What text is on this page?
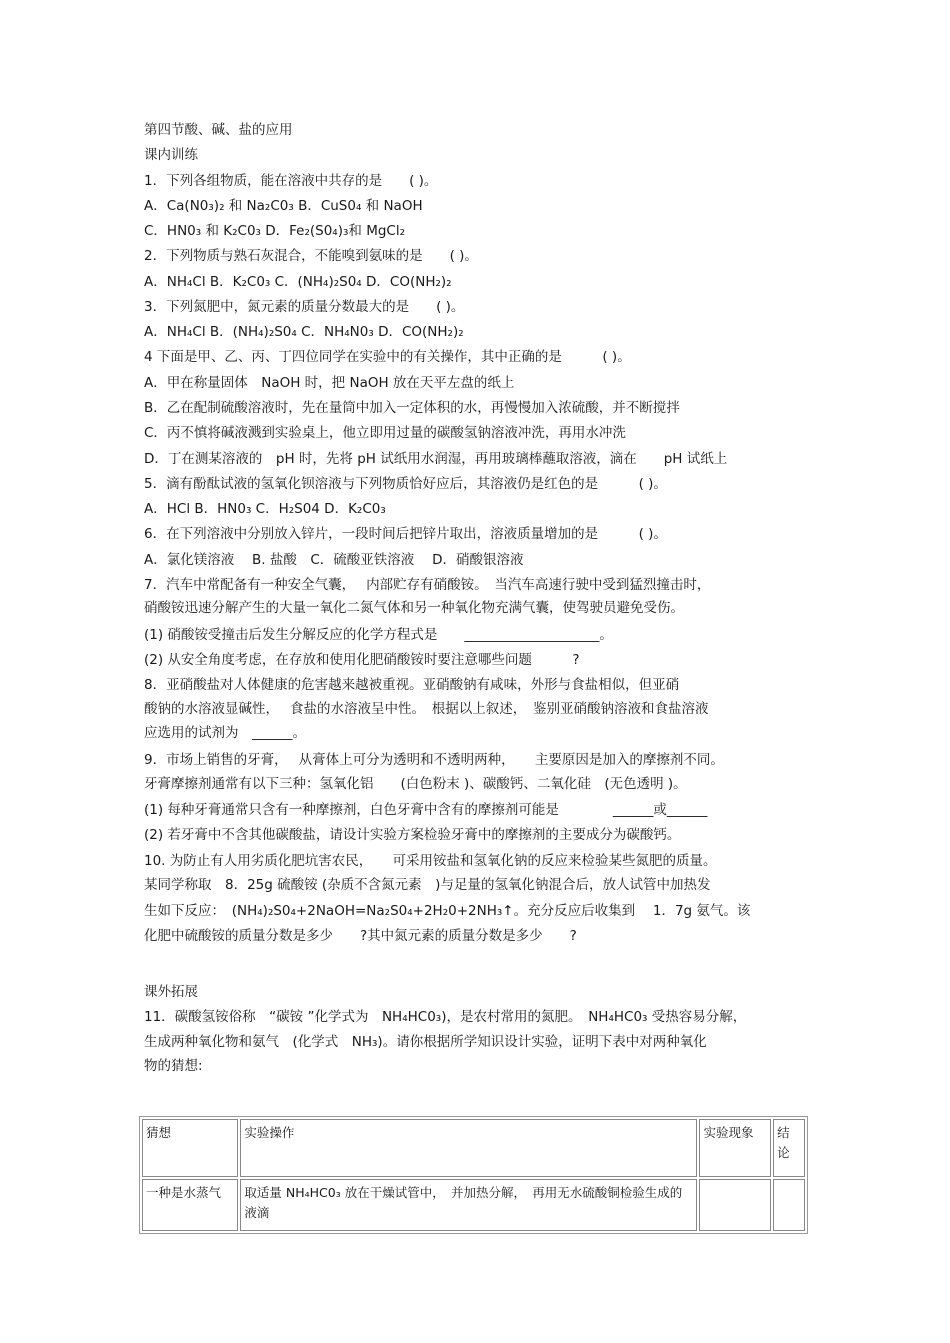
第四节酸、碱、盐的应用
课内训练
1．下列各组物质，能在溶液中共存的是　　( )。
A．Ca(N0₃)₂ 和 Na₂C0₃ B．CuS0₄ 和 NaOH
C．HN0₃ 和 K₂C0₃ D．Fe₂(S0₄)₃和 MgCl₂
2．下列物质与熟石灰混合，不能嗅到氨味的是　　( )。
A．NH₄Cl B．K₂C0₃ C．(NH₄)₂S0₄ D．CO(NH₂)₂
3．下列氮肥中，氮元素的质量分数最大的是　　( )。
A．NH₄Cl B．(NH₄)₂S0₄ C．NH₄N0₃ D．CO(NH₂)₂
4 下面是甲、乙、丙、丁四位同学在实验中的有关操作，其中正确的是　　　( )。
A．甲在称量固体　NaOH 时，把 NaOH 放在天平左盘的纸上
B．乙在配制硫酸溶液时，先在量筒中加入一定体积的水，再慢慢加入浓硫酸，并不断搅拌
C．丙不慎将碱液溅到实验桌上，他立即用过量的碳酸氢钠溶液冲洗，再用水冲洗
D．丁在测某溶液的　pH 时，先将 pH 试纸用水润湿，再用玻璃棒蘸取溶液，滴在　　pH 试纸上
5．滴有酚酞试液的氢氧化钡溶液与下列物质恰好应后，其溶液仍是红色的是　　　( )。
A．HCl B．HN0₃ C．H₂S04 D．K₂C0₃
6．在下列溶液中分别放入锌片，一段时间后把锌片取出，溶液质量增加的是　　　( )。
A．氯化镁溶液　 B. 盐酸　C．硫酸亚铁溶液　 D．硝酸银溶液
7．汽车中常配备有一种安全气囊，　 内部贮存有硝酸铵。　当汽车高速行驶中受到猛烈撞击时，
硝酸铵迅速分解产生的大量一氧化二氮气体和另一种氧化物充满气囊，使驾驶员避免受伤。
(1) 硝酸铵受撞击后发生分解反应的化学方程式是　　____________________。
(2) 从安全角度考虑，在存放和使用化肥硝酸铵时要注意哪些问题　　　?
8．亚硝酸盐对人体健康的危害越来越被重视。亚硝酸钠有咸味，外形与食盐相似，但亚硝
酸钠的水溶液显碱性，　 食盐的水溶液呈中性。　根据以上叙述，　鉴别亚硝酸钠溶液和食盐溶液
应选用的试剂为　______。
9．市场上销售的牙膏，　 从膏体上可分为透明和不透明两种，　　主要原因是加入的摩擦剂不同。
牙膏摩擦剂通常有以下三种：氢氧化铝　　(白色粉末 )、碳酸钙、二氧化硅　(无色透明 )。
(1) 每种牙膏通常只含有一种摩擦剂，白色牙膏中含有的摩擦剂可能是　　　　______或______
(2) 若牙膏中不含其他碳酸盐，请设计实验方案检验牙膏中的摩擦剂的主要成分为碳酸钙。
10. 为防止有人用劣质化肥坑害农民，　　可采用铵盐和氢氧化钠的反应来检验某些氮肥的质量。
某同学称取　8．25g 硫酸铵 (杂质不含氮元素　)与足量的氢氧化钠混合后，放人试管中加热发
生如下反应：　(NH₄)₂S0₄+2NaOH=Na₂S0₄+2H₂0+2NH₃↑。充分反应后收集到　 1．7g 氨气。该
化肥中硫酸铵的质量分数是多少　　?其中氮元素的质量分数是多少　　?
课外拓展
11．碳酸氢铵俗称　“碳铵 ”化学式为　NH₄HC0₃)，是农村常用的氮肥。　NH₄HC0₃ 受热容易分解，
生成两种氧化物和氨气　(化学式　NH₃)。请你根据所学知识设计实验，证明下表中对两种氧化
物的猜想:
猜想	实验操作	实验现象	结论
一种是水蒸气	取适量 NH₄HC0₃ 放在干燥试管中，　并加热分解，　再用无水硫酸铜检验生成的液滴		
